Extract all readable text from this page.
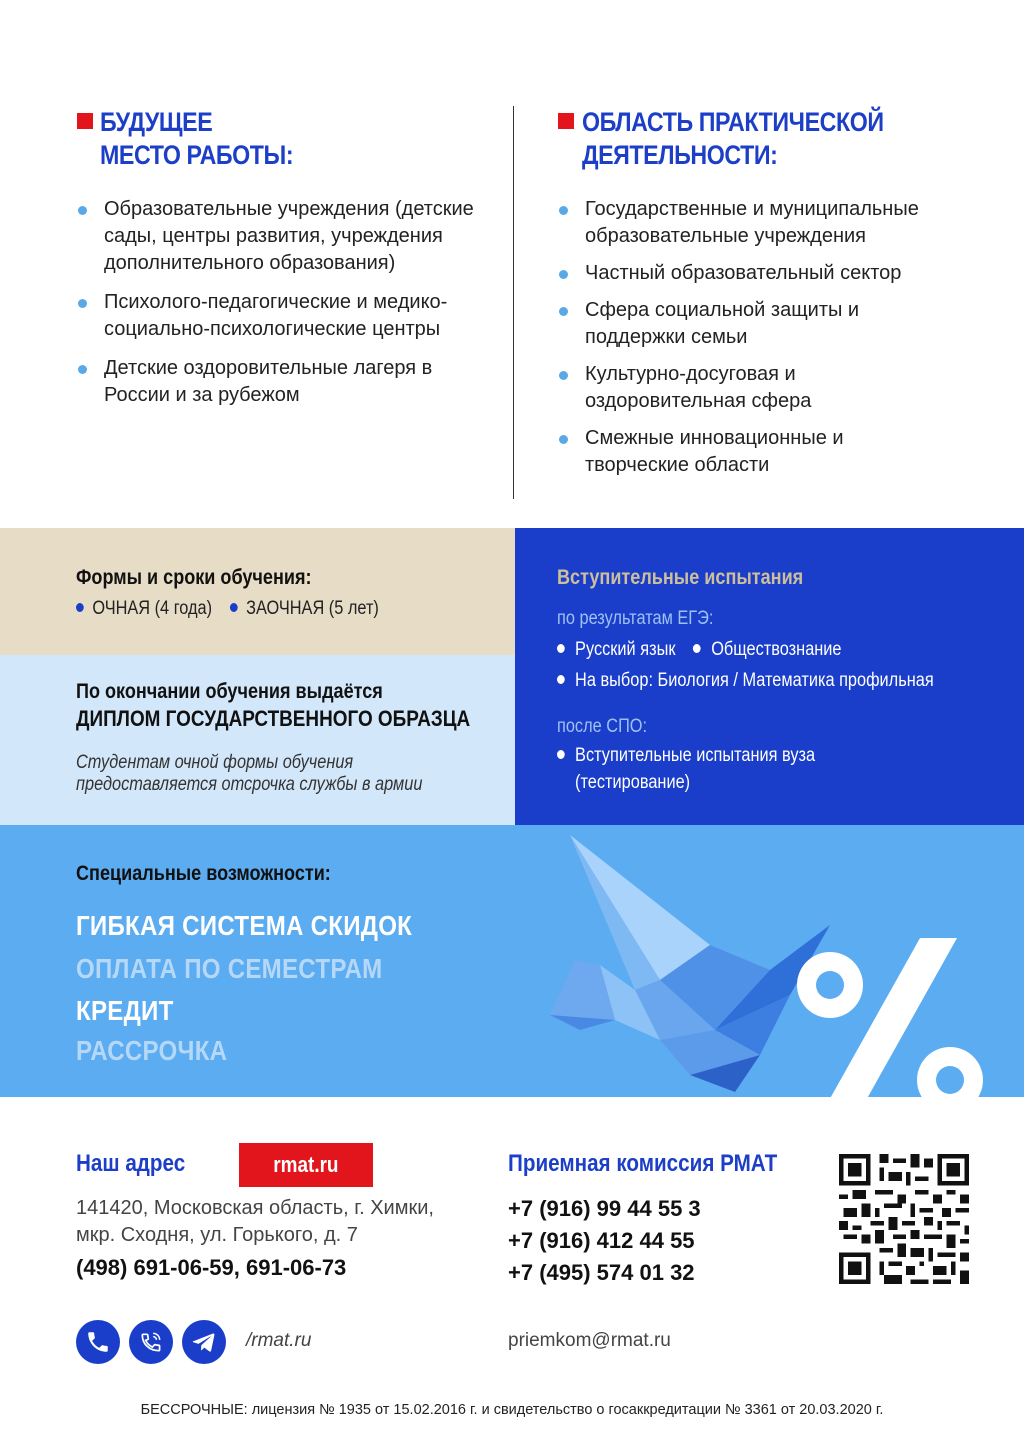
БУДУЩЕЕ
МЕСТО РАБОТЫ:
Образовательные учреждения (детские сады, центры развития, учреждения дополнительного образования)
Психолого-педагогические и медико-социально-психологические центры
Детские оздоровительные лагеря в России и за рубежом
ОБЛАСТЬ ПРАКТИЧЕСКОЙ
ДЕЯТЕЛЬНОСТИ:
Государственные и муниципальные образовательные учреждения
Частный образовательный сектор
Сфера социальной защиты и поддержки семьи
Культурно-досуговая и оздоровительная сфера
Смежные инновационные и творческие области
Формы и сроки обучения:
ОЧНАЯ (4 года) ЗАОЧНАЯ (5 лет)
По окончании обучения выдаётся
ДИПЛОМ ГОСУДАРСТВЕННОГО ОБРАЗЦА
Студентам очной формы обучения
предоставляется отсрочка службы в армии
Вступительные испытания
по результатам ЕГЭ:
Русский язык Обществознание
На выбор: Биология / Математика профильная
после СПО:
Вступительные испытания вуза
(тестирование)
Специальные возможности:
ГИБКАЯ СИСТЕМА СКИДОК
ОПЛАТА ПО СЕМЕСТРАМ
КРЕДИТ
РАССРОЧКА
Наш адрес	rmat.ru
141420, Московская область, г. Химки,
мкр. Сходня, ул. Горького, д. 7
(498) 691-06-59, 691-06-73
/rmat.ru
Приемная комиссия РМАТ
+7 (916) 99 44 55 3
+7 (916) 412 44 55
+7 (495) 574 01 32
priemkom@rmat.ru
БЕССРОЧНЫЕ: лицензия № 1935 от 15.02.2016 г. и свидетельство о госаккредитации № 3361 от 20.03.2020 г.
